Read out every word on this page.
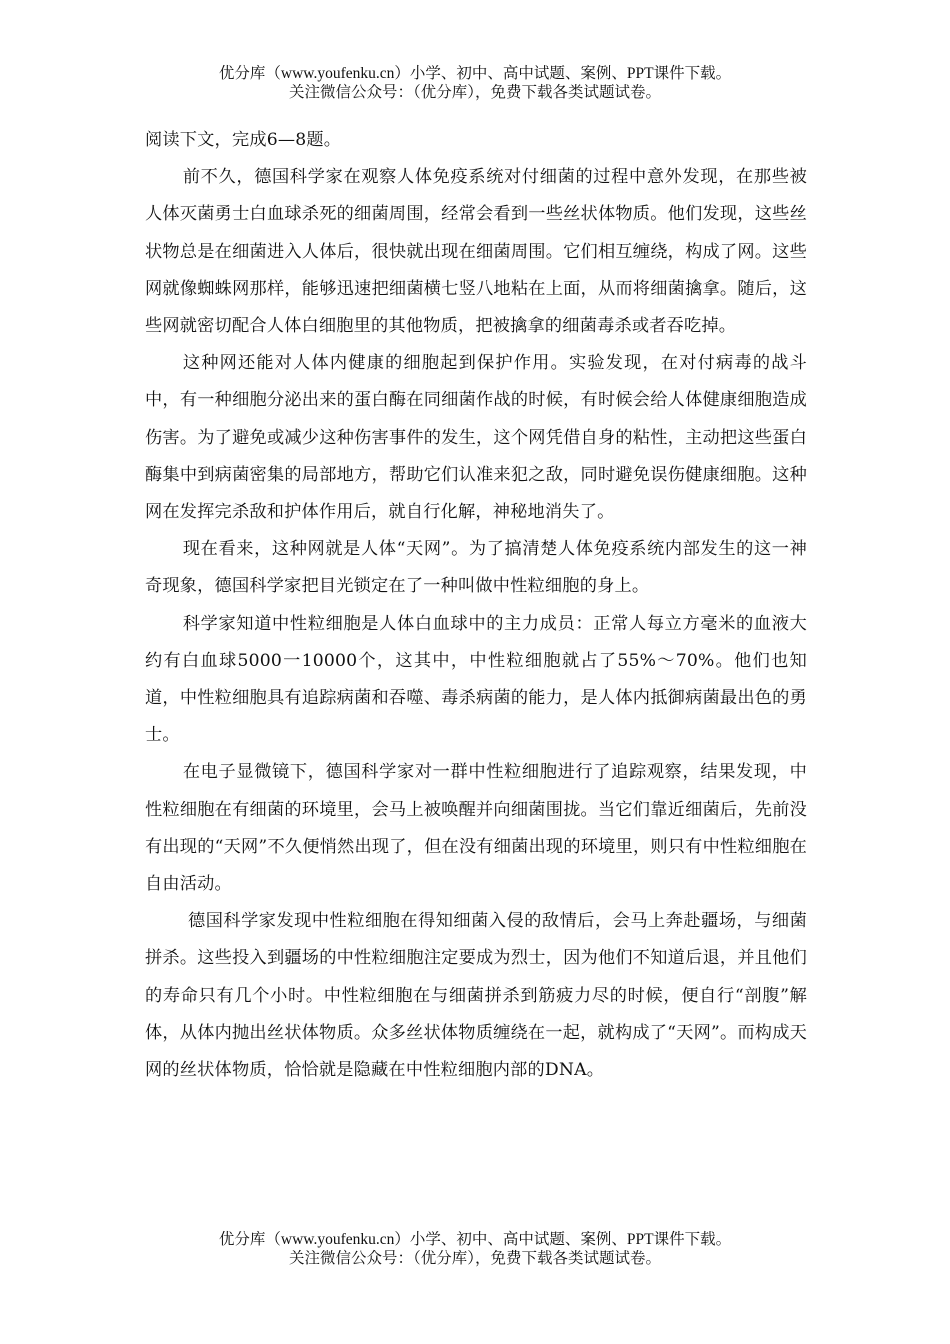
优分库（www.youfenku.cn）小学、初中、高中试题、案例、PPT课件下载。
关注微信公众号：（优分库），免费下载各类试题试卷。

阅读下文，完成6—8题。

前不久，德国科学家在观察人体免疫系统对付细菌的过程中意外发现，在那些被人体灭菌勇士白血球杀死的细菌周围，经常会看到一些丝状体物质。他们发现，这些丝状物总是在细菌进入人体后，很快就出现在细菌周围。它们相互缠绕，构成了网。这些网就像蜘蛛网那样，能够迅速把细菌横七竖八地粘在上面，从而将细菌擒拿。随后，这些网就密切配合人体白细胞里的其他物质，把被擒拿的细菌毒杀或者吞吃掉。

这种网还能对人体内健康的细胞起到保护作用。实验发现，在对付病毒的战斗中，有一种细胞分泌出来的蛋白酶在同细菌作战的时候，有时候会给人体健康细胞造成伤害。为了避免或减少这种伤害事件的发生，这个网凭借自身的粘性，主动把这些蛋白酶集中到病菌密集的局部地方，帮助它们认准来犯之敌，同时避免误伤健康细胞。这种网在发挥完杀敌和护体作用后，就自行化解，神秘地消失了。

现在看来，这种网就是人体“天网”。为了搞清楚人体免疫系统内部发生的这一神奇现象，德国科学家把目光锁定在了一种叫做中性粒细胞的身上。

科学家知道中性粒细胞是人体白血球中的主力成员：正常人每立方毫米的血液大约有白血球5000一10000个，这其中，中性粒细胞就占了55%～70%。他们也知道，中性粒细胞具有追踪病菌和吞噬、毒杀病菌的能力，是人体内抵御病菌最出色的勇士。

在电子显微镜下，德国科学家对一群中性粒细胞进行了追踪观察，结果发现，中性粒细胞在有细菌的环境里，会马上被唤醒并向细菌围拢。当它们靠近细菌后，先前没有出现的“天网”不久便悄然出现了，但在没有细菌出现的环境里，则只有中性粒细胞在自由活动。

德国科学家发现中性粒细胞在得知细菌入侵的敌情后，会马上奔赴疆场，与细菌拼杀。这些投入到疆场的中性粒细胞注定要成为烈士，因为他们不知道后退，并且他们的寿命只有几个小时。中性粒细胞在与细菌拼杀到筋疲力尽的时候，便自行“剖腹”解体，从体内抛出丝状体物质。众多丝状体物质缠绕在一起，就构成了“天网”。而构成天网的丝状体物质，恰恰就是隐藏在中性粒细胞内部的DNA。

优分库（www.youfenku.cn）小学、初中、高中试题、案例、PPT课件下载。
关注微信公众号：（优分库），免费下载各类试题试卷。
